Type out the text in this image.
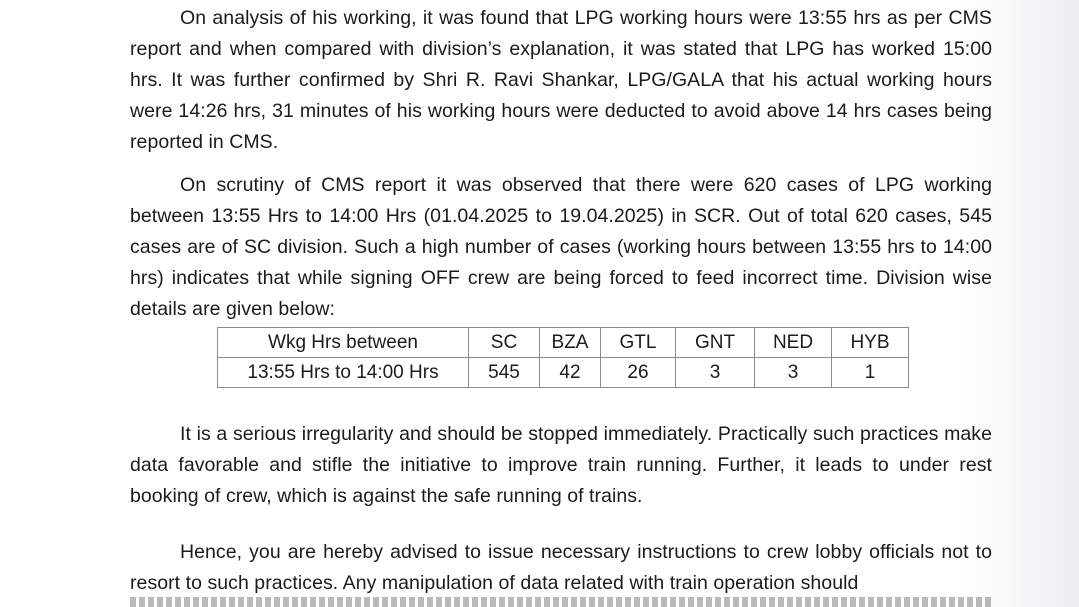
On analysis of his working, it was found that LPG working hours were 13:55 hrs as per CMS report and when compared with division’s explanation, it was stated that LPG has worked 15:00 hrs. It was further confirmed by Shri R. Ravi Shankar, LPG/GALA that his actual working hours were 14:26 hrs, 31 minutes of his working hours were deducted to avoid above 14 hrs cases being reported in CMS.

On scrutiny of CMS report it was observed that there were 620 cases of LPG working between 13:55 Hrs to 14:00 Hrs (01.04.2025 to 19.04.2025) in SCR. Out of total 620 cases, 545 cases are of SC division. Such a high number of cases (working hours between 13:55 hrs to 14:00 hrs) indicates that while signing OFF crew are being forced to feed incorrect time. Division wise details are given below:

Wkg Hrs between	SC	BZA	GTL	GNT	NED	HYB
13:55 Hrs to 14:00 Hrs	545	42	26	3	3	1

It is a serious irregularity and should be stopped immediately. Practically such practices make data favorable and stifle the initiative to improve train running. Further, it leads to under rest booking of crew, which is against the safe running of trains.

Hence, you are hereby advised to issue necessary instructions to crew lobby officials not to resort to such practices. Any manipulation of data related with train operation should
